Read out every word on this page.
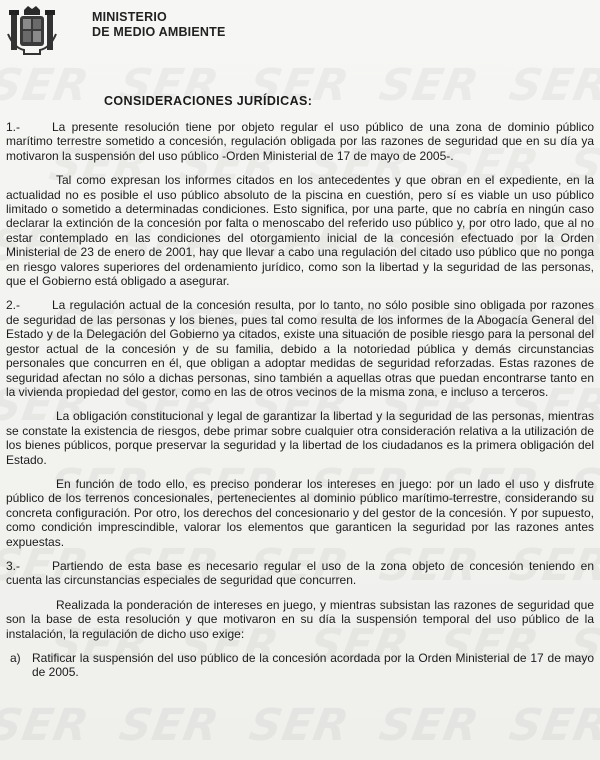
MINISTERIO
DE MEDIO AMBIENTE
CONSIDERACIONES JURÍDICAS:

1.-	La presente resolución tiene por objeto regular el uso público de una zona de dominio público marítimo terrestre sometido a concesión, regulación obligada por las razones de seguridad que en su día ya motivaron la suspensión del uso público -Orden Ministerial de 17 de mayo de 2005-.

Tal como expresan los informes citados en los antecedentes y que obran en el expediente, en la actualidad no es posible el uso público absoluto de la piscina en cuestión, pero sí es viable un uso público limitado o sometido a determinadas condiciones. Esto significa, por una parte, que no cabría en ningún caso declarar la extinción de la concesión por falta o menoscabo del referido uso público y, por otro lado, que al no estar contemplado en las condiciones del otorgamiento inicial de la concesión efectuado por la Orden Ministerial de 23 de enero de 2001, hay que llevar a cabo una regulación del citado uso público que no ponga en riesgo valores superiores del ordenamiento jurídico, como son la libertad y la seguridad de las personas, que el Gobierno está obligado a asegurar.

2.-	La regulación actual de la concesión resulta, por lo tanto, no sólo posible sino obligada por razones de seguridad de las personas y los bienes, pues tal como resulta de los informes de la Abogacía General del Estado y de la Delegación del Gobierno ya citados, existe una situación de posible riesgo para la personal del gestor actual de la concesión y de su familia, debido a la notoriedad pública y demás circunstancias personales que concurren en él, que obligan a adoptar medidas de seguridad reforzadas. Estas razones de seguridad afectan no sólo a dichas personas, sino también a aquellas otras que puedan encontrarse tanto en la vivienda propiedad del gestor, como en las de otros vecinos de la misma zona, e incluso a terceros.

La obligación constitucional y legal de garantizar la libertad y la seguridad de las personas, mientras se constate la existencia de riesgos, debe primar sobre cualquier otra consideración relativa a la utilización de los bienes públicos, porque preservar la seguridad y la libertad de los ciudadanos es la primera obligación del Estado.

En función de todo ello, es preciso ponderar los intereses en juego: por un lado el uso y disfrute público de los terrenos concesionales, pertenecientes al dominio público marítimo-terrestre, considerando su concreta configuración. Por otro, los derechos del concesionario y del gestor de la concesión. Y por supuesto, como condición imprescindible, valorar los elementos que garanticen la seguridad por las razones antes expuestas.

3.-	Partiendo de esta base es necesario regular el uso de la zona objeto de concesión teniendo en cuenta las circunstancias especiales de seguridad que concurren.

Realizada la ponderación de intereses en juego, y mientras subsistan las razones de seguridad que son la base de esta resolución y que motivaron en su día la suspensión temporal del uso público de la instalación, la regulación de dicho uso exige:

a) Ratificar la suspensión del uso público de la concesión acordada por la Orden Ministerial de 17 de mayo de 2005.
